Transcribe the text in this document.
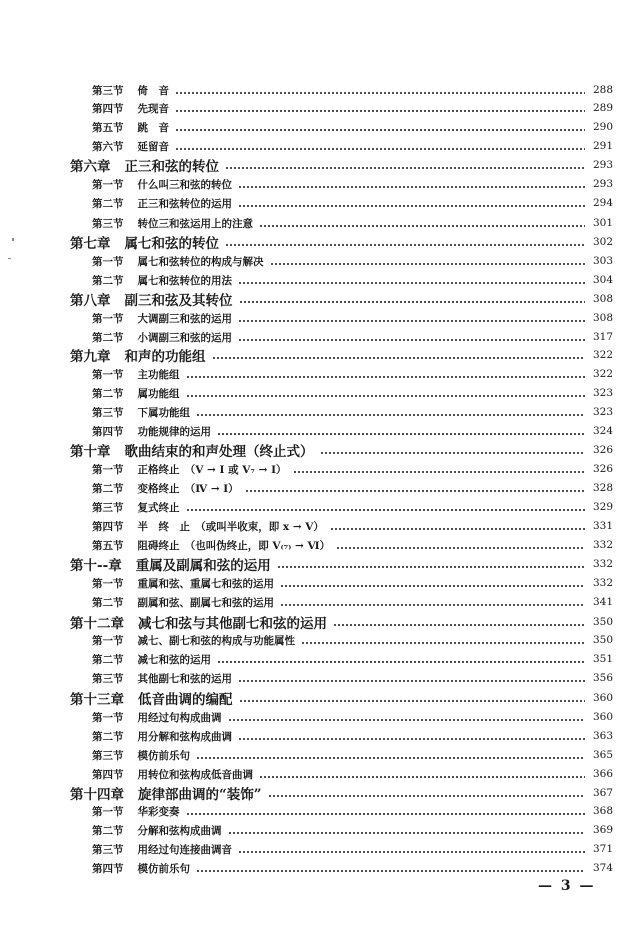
第三节 倚　音	288
第四节 先现音	289
第五节 跳　音	290
第六节 延留音	291
第六章 正三和弦的转位	293
第一节 什么叫三和弦的转位	293
第二节 正三和弦转位的运用	294
第三节 转位三和弦运用上的注意	301
第七章 属七和弦的转位	302
第一节 属七和弦转位的构成与解决	303
第二节 属七和弦转位的用法	304
第八章 副三和弦及其转位	308
第一节 大调副三和弦的运用	308
第二节 小调副三和弦的运用	317
第九章 和声的功能组	322
第一节 主功能组	322
第二节 属功能组	323
第三节 下属功能组	323
第四节 功能规律的运用	324
第十章 歌曲结束的和声处理（终止式）	326
第一节 正格终止　（V → I 或 V₇ → I）	326
第二节 变格终止　（Ⅳ → I）	328
第三节 复式终止	329
第四节 半　终　止　（或叫半收束，即 x → V）	331
第五节 阻碍终止　（也叫伪终止，即 V₍₇₎ → Ⅵ）	332
第十--章 重属及副属和弦的运用	332
第一节 重属和弦、重属七和弦的运用	332
第二节 副属和弦、副属七和弦的运用	341
第十二章 减七和弦与其他副七和弦的运用	350
第一节 减七、副七和弦的构成与功能属性	350
第二节 减七和弦的运用	351
第三节 其他副七和弦的运用	356
第十三章 低音曲调的编配	360
第一节 用经过句构成曲调	360
第二节 用分解和弦构成曲调	363
第三节 模仿前乐句	365
第四节 用转位和弦构成低音曲调	366
第十四章 旋律部曲调的“装饰”	367
第一节 华彩变奏	368
第二节 分解和弦构成曲调	369
第三节 用经过句连接曲调音	371
第四节 模仿前乐句	374
— 3 —
